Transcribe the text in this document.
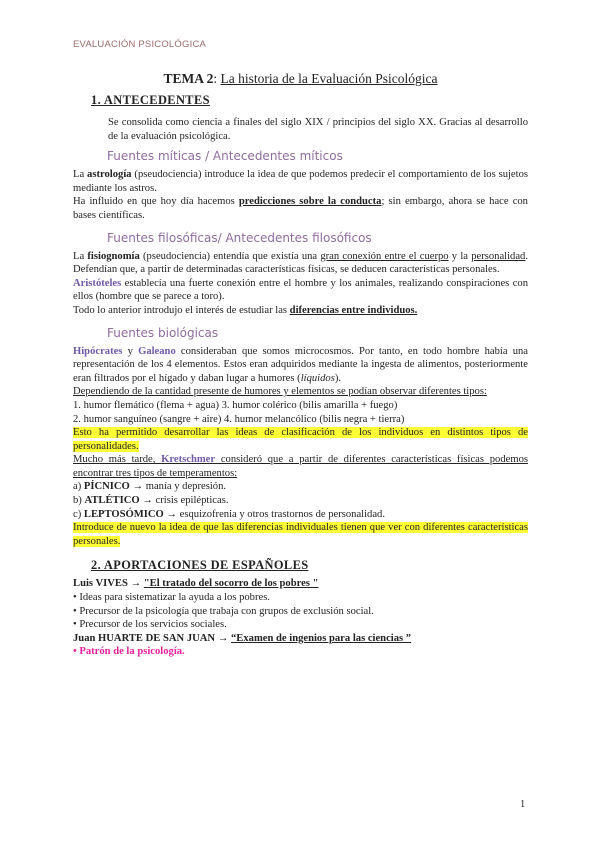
EVALUACIÓN PSICOLÓGICA
TEMA 2: La historia de la Evaluación Psicológica
1. ANTECEDENTES

Se consolida como ciencia a finales del siglo XIX / principios del siglo XX. Gracias al desarrollo de la evaluación psicológica.

Fuentes míticas / Antecedentes míticos

La astrología (pseudociencia) introduce la idea de que podemos predecir el comportamiento de los sujetos mediante los astros.

Ha influido en que hoy día hacemos predicciones sobre la conducta; sin embargo, ahora se hace con bases científicas.

Fuentes filosóficas/ Antecedentes filosóficos

La fisiognomía (pseudociencia) entendía que existía una gran conexión entre el cuerpo y la personalidad. Defendían que, a partir de determinadas características físicas, se deducen características personales.

Aristóteles establecía una fuerte conexión entre el hombre y los animales, realizando conspiraciones con ellos (hombre que se parece a toro).

Todo lo anterior introdujo el interés de estudiar las diferencias entre individuos.

Fuentes biológicas

Hipócrates y Galeano consideraban que somos microcosmos. Por tanto, en todo hombre había una representación de los 4 elementos. Estos eran adquiridos mediante la ingesta de alimentos, posteriormente eran filtrados por el hígado y daban lugar a humores (líquidos).

Dependiendo de la cantidad presente de humores y elementos se podían observar diferentes tipos:

1. humor flemático (flema + agua) 3. humor colérico (bilis amarilla + fuego)

2. humor sanguíneo (sangre + aire) 4. humor melancólico (bilis negra + tierra)

Esto ha permitido desarrollar las ideas de clasificación de los individuos en distintos tipos de personalidades.

Mucho más tarde, Kretschmer consideró que a partir de diferentes características físicas podemos encontrar tres tipos de temperamentos:

a) PÍCNICO → manía y depresión.

b) ATLÉTICO → crisis epilépticas.

c) LEPTOSÓMICO → esquizofrenia y otros trastornos de personalidad.

Introduce de nuevo la idea de que las diferencias individuales tienen que ver con diferentes características personales.

2. APORTACIONES DE ESPAÑOLES

Luis VIVES → "El tratado del socorro de los pobres "

• Ideas para sistematizar la ayuda a los pobres.

• Precursor de la psicología que trabaja con grupos de exclusión social.

• Precursor de los servicios sociales.

Juan HUARTE DE SAN JUAN → “Examen de ingenios para las ciencias ”

• Patrón de la psicología.

1
